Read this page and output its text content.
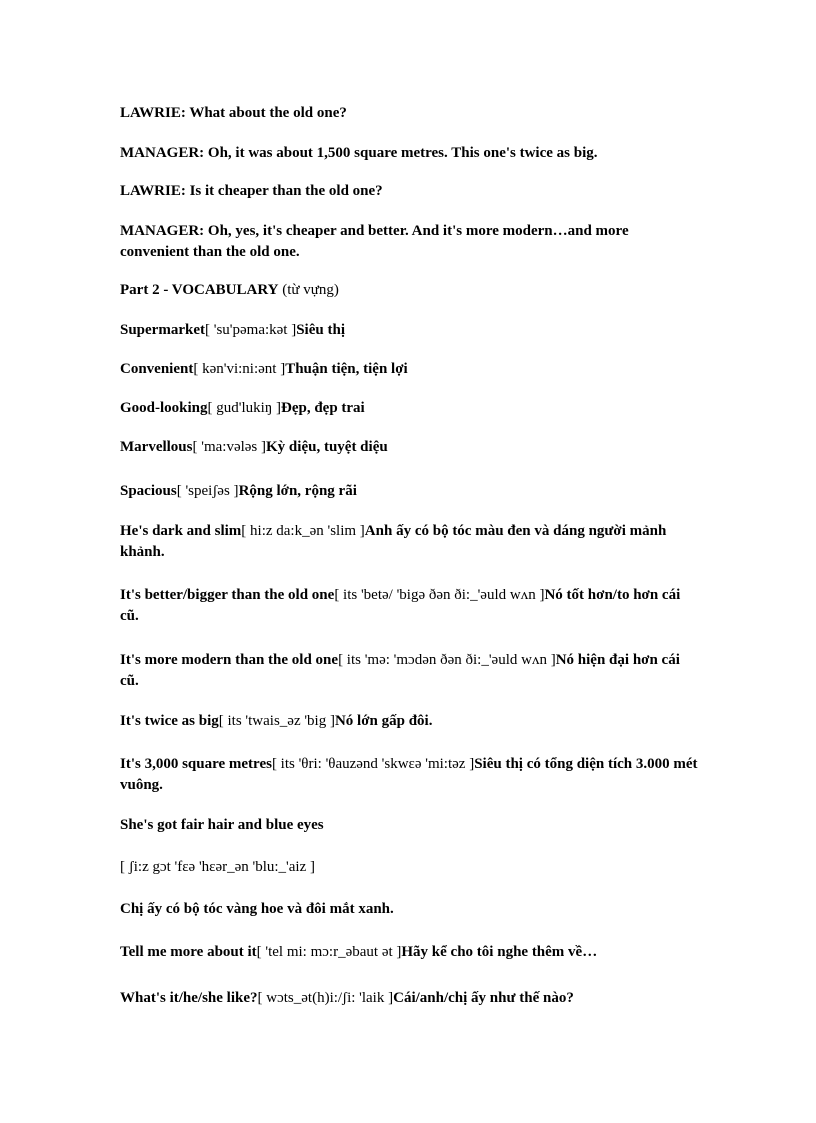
LAWRIE: What about the old one?

MANAGER: Oh, it was about 1,500 square metres. This one's twice as big.

LAWRIE: Is it cheaper than the old one?

MANAGER: Oh, yes, it's cheaper and better. And it's more modern…and more convenient than the old one.

Part 2 - VOCABULARY (từ vựng)

Supermarket[ 'su'pəma:kət ]Siêu thị

Convenient[ kən'vi:ni:ənt ]Thuận tiện, tiện lợi

Good-looking[ gud'lukiŋ ]Đẹp, đẹp trai

Marvellous[ 'ma:vələs ]Kỳ diệu, tuyệt diệu

Spacious[ 'speiʃəs ]Rộng lớn, rộng rãi

He's dark and slim[ hi:z da:k_ən 'slim ]Anh ấy có bộ tóc màu đen và dáng người mảnh khảnh.

It's better/bigger than the old one[ its 'betə/ 'bigə ðən ði:_'əuld wʌn ]Nó tốt hơn/to hơn cái cũ.

It's more modern than the old one[ its 'mə: 'mɔdən ðən ði:_'əuld wʌn ]Nó hiện đại hơn cái cũ.

It's twice as big[ its 'twais_əz 'big ]Nó lớn gấp đôi.

It's 3,000 square metres[ its 'θri: 'θauzənd 'skwɛə 'mi:təz ]Siêu thị có tổng diện tích 3.000 mét vuông.

She's got fair hair and blue eyes

[ ʃi:z gɔt 'fɛə 'hɛər_ən 'blu:_'aiz ]

Chị ấy có bộ tóc vàng hoe và đôi mắt xanh.

Tell me more about it[ 'tel mi: mɔ:r_əbaut ət ]Hãy kể cho tôi nghe thêm về…

What's it/he/she like?[ wɔts_ət(h)i:/ʃi: 'laik ]Cái/anh/chị ấy như thế nào?
